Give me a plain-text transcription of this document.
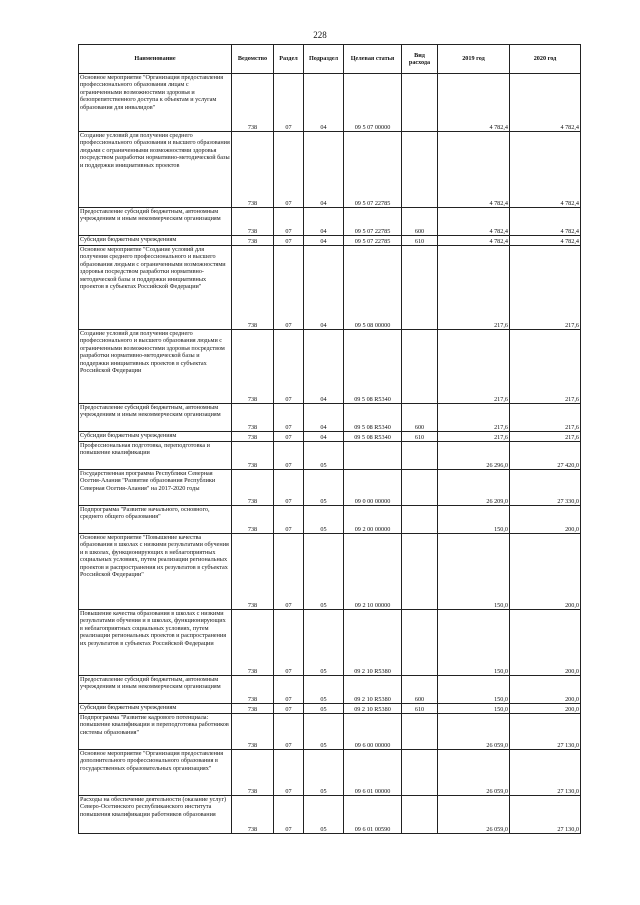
228
Наименование	Ведомство	Раздел	Подраздел	Целевая статья	Вид расхода	2019 год	2020 год
Основное мероприятие "Организация предоставления профессионального образования лицам с ограниченными возможностями здоровья и безопрепятственного доступа к объектам и услугам образования для инвалидов"	738	07	04	09 5 07 00000		4 782,4	4 782,4
Создание условий для получения среднего профессионального образования и высшего образования людьми с ограниченными возможностями здоровья посредством разработки нормативно-методической базы и поддержки инициативных проектов	738	07	04	09 5 07 22785		4 782,4	4 782,4
Предоставление субсидий бюджетным, автономным учреждениям и иным некоммерческим организациям	738	07	04	09 5 07 22785	600	4 782,4	4 782,4
Субсидии бюджетным учреждениям	738	07	04	09 5 07 22785	610	4 782,4	4 782,4
Основное мероприятие "Создание условий для получения среднего профессионального и высшего образования людьми с ограниченными возможностями здоровья посредством разработки нормативно-методической базы и поддержки инициативных проектов в субъектах Российской Федерации"	738	07	04	09 5 08 00000		217,6	217,6
Создание условий для получения среднего профессионального и высшего образования людьми с ограниченными возможностями здоровья посредством разработки нормативно-методической базы и поддержки инициативных проектов в субъектах Российской Федерации	738	07	04	09 5 08 R5340		217,6	217,6
Предоставление субсидий бюджетным, автономным учреждениям и иным некоммерческим организациям	738	07	04	09 5 08 R5340	600	217,6	217,6
Субсидии бюджетным учреждениям	738	07	04	09 5 08 R5340	610	217,6	217,6
Профессиональная подготовка, переподготовка и повышение квалификации	738	07	05			26 296,0	27 420,0
Государственная программа Республики Северная Осетия-Алания "Развитие образования Республики Северная Осетия-Алания" на 2017-2020 годы	738	07	05	09 0 00 00000		26 209,0	27 330,0
Подпрограмма "Развитие начального, основного, среднего общего образования"	738	07	05	09 2 00 00000		150,0	200,0
Основное мероприятие "Повышение качества образования в школах с низкими результатами обучения и в школах, функционирующих в неблагоприятных социальных условиях, путем реализации региональных проектов и распространения их результатов в субъектах Российской Федерации"	738	07	05	09 2 10 00000		150,0	200,0
Повышение качества образования в школах с низкими результатами обучения и в школах, функционирующих в неблагоприятных социальных условиях, путем реализации региональных проектов и распространения их результатов в субъектах Российской Федерации	738	07	05	09 2 10 R5380		150,0	200,0
Предоставление субсидий бюджетным, автономным учреждениям и иным некоммерческим организациям	738	07	05	09 2 10 R5380	600	150,0	200,0
Субсидии бюджетным учреждениям	738	07	05	09 2 10 R5380	610	150,0	200,0
Подпрограмма "Развитие кадрового потенциала: повышение квалификации и переподготовка работников системы образования"	738	07	05	09 6 00 00000		26 059,0	27 130,0
Основное мероприятие "Организация предоставления дополнительного профессионального образования в государственных образовательных организациях"	738	07	05	09 6 01 00000		26 059,0	27 130,0
Расходы на обеспечение деятельности (оказание услуг) Северо-Осетинского республиканского института повышения квалификации работников образования	738	07	05	09 6 01 00590		26 059,0	27 130,0
